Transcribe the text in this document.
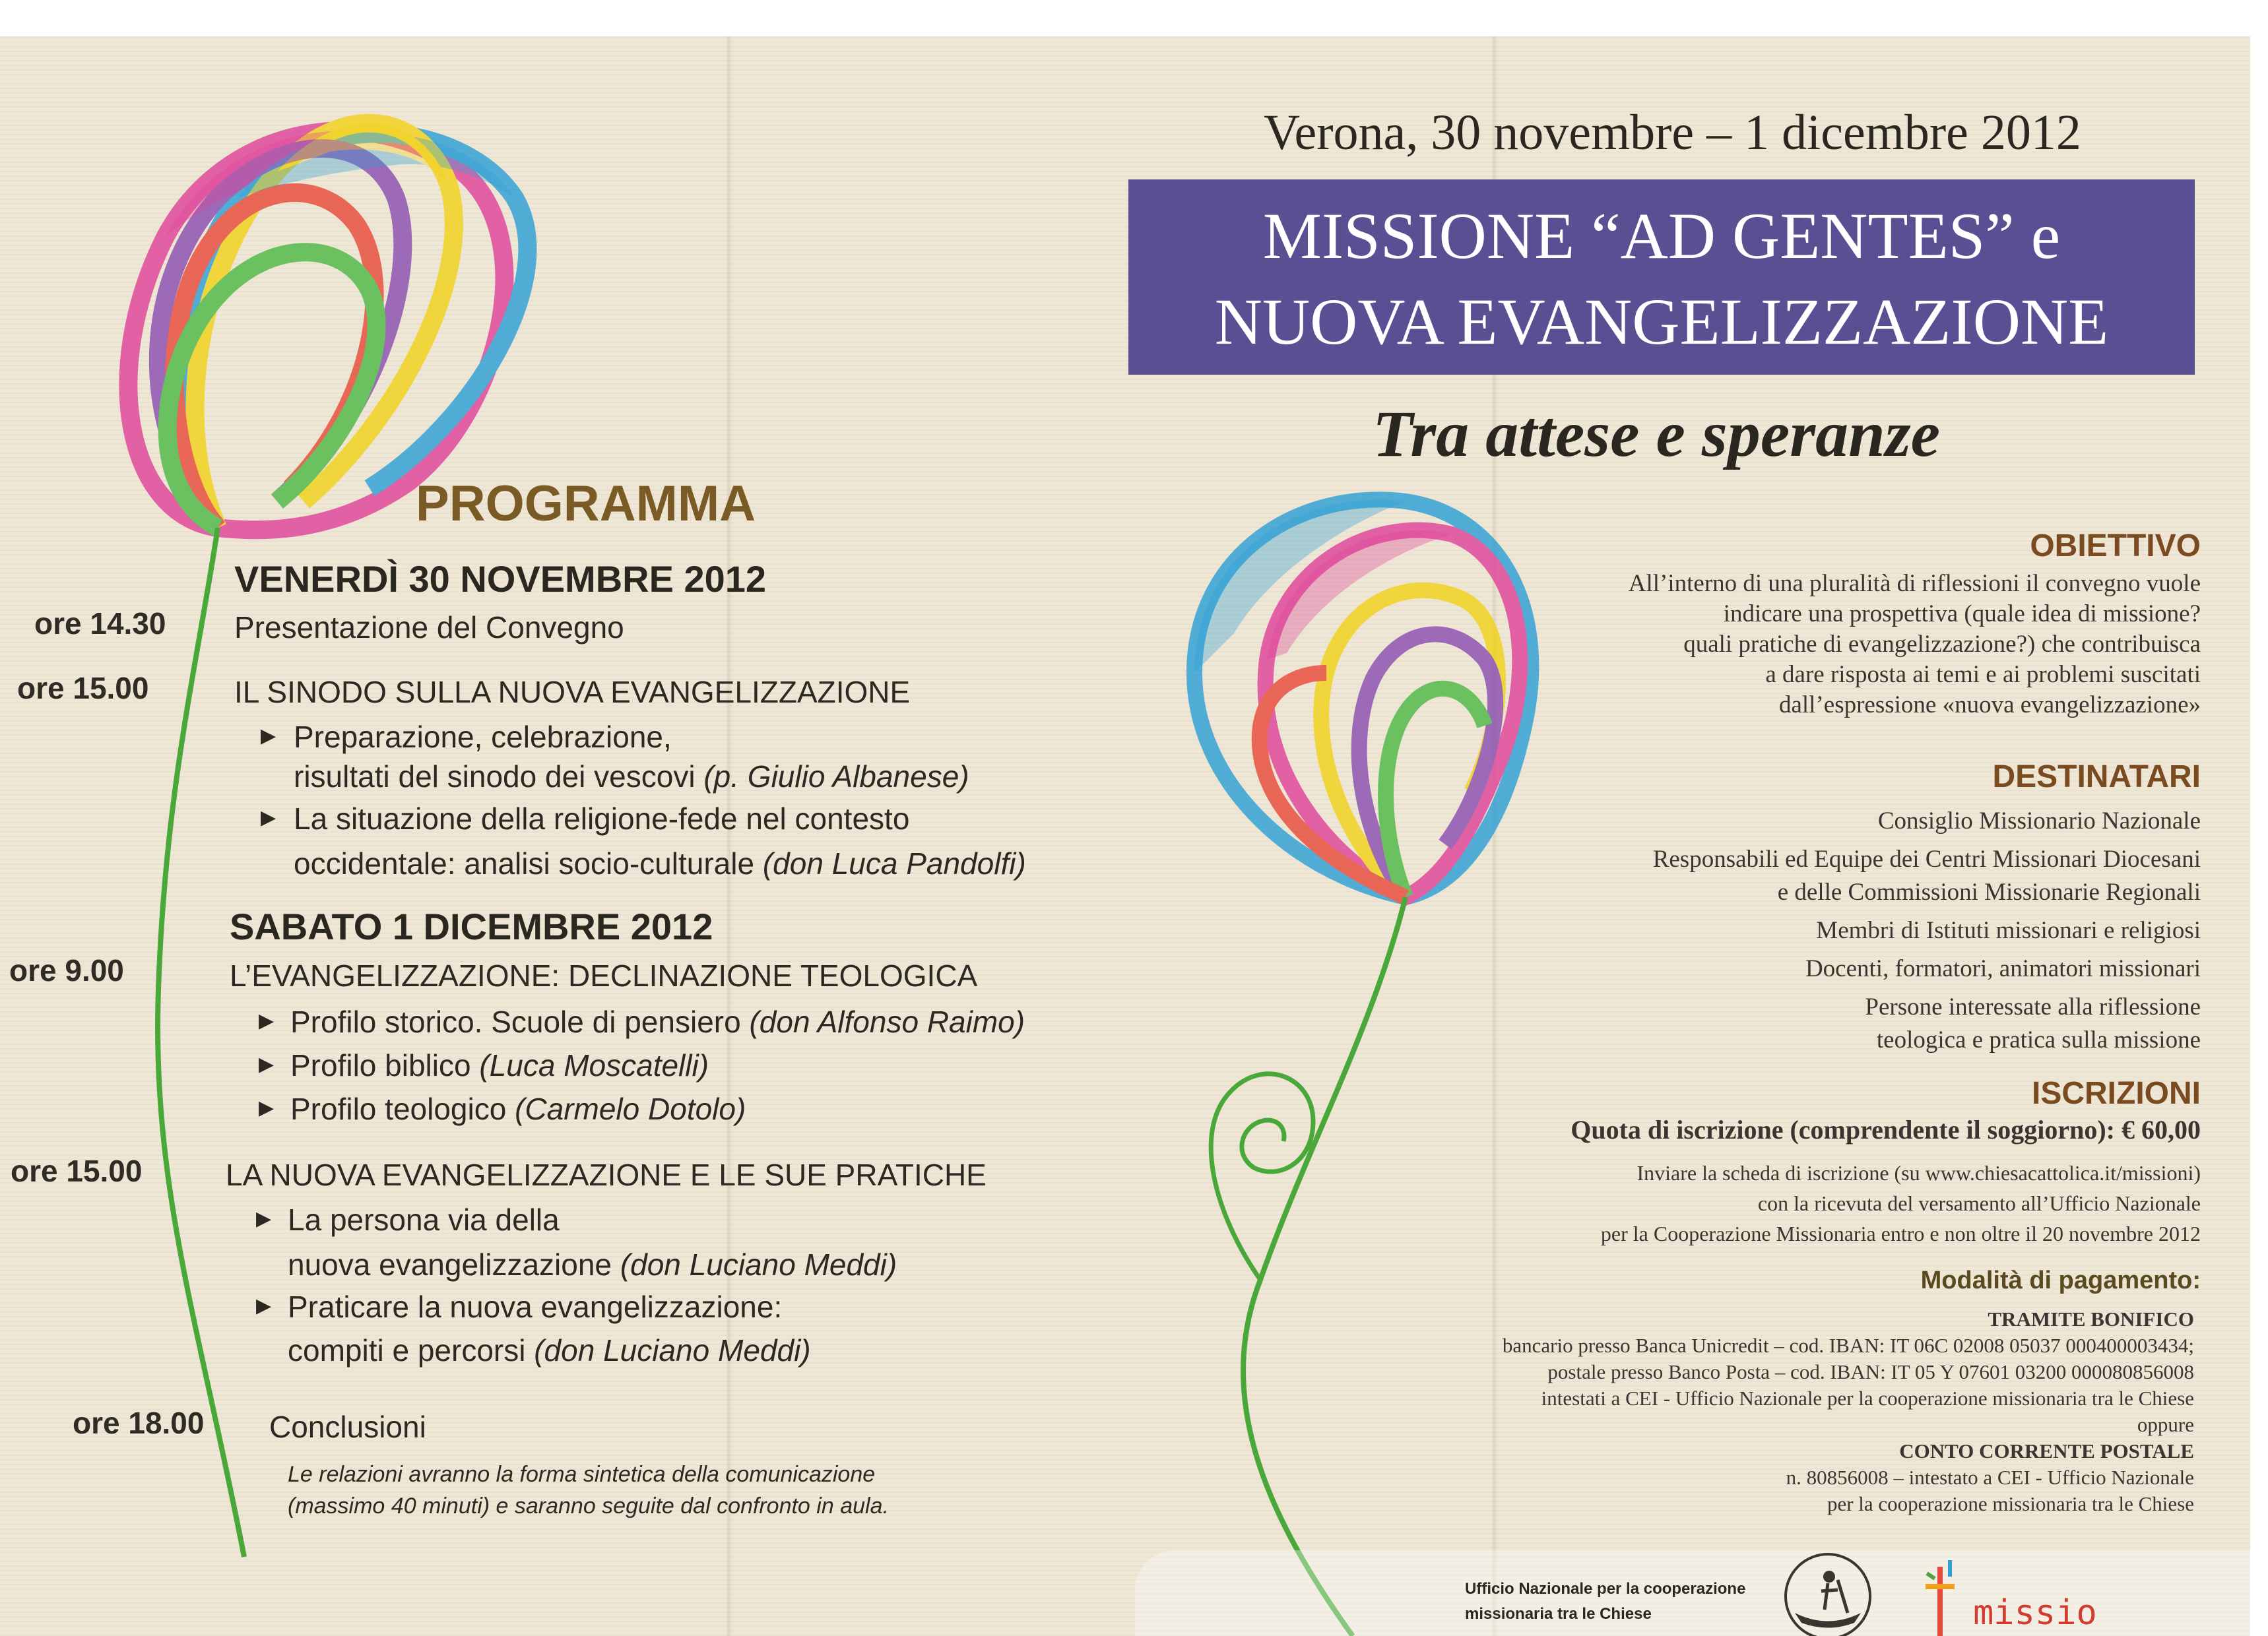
Verona, 30 novembre – 1 dicembre 2012
MISSIONE “AD GENTES” e
NUOVA EVANGELIZZAZIONE
Tra attese e speranze
PROGRAMMA
VENERDÌ 30 NOVEMBRE 2012
ore 14.30 Presentazione del Convegno
ore 15.00	IL SINODO SULLA NUOVA EVANGELIZZAZIONE
▶ Preparazione, celebrazione,
risultati del sinodo dei vescovi (p. Giulio Albanese)
▶ La situazione della religione-fede nel contesto
occidentale: analisi socio-culturale (don Luca Pandolfi)
SABATO 1 DICEMBRE 2012
ore 9.00	L’EVANGELIZZAZIONE: DECLINAZIONE TEOLOGICA
▶ Profilo storico. Scuole di pensiero (don Alfonso Raimo)
▶ Profilo biblico (Luca Moscatelli)
▶ Profilo teologico (Carmelo Dotolo)
ore 15.00	LA NUOVA EVANGELIZZAZIONE E LE SUE PRATICHE
▶ La persona via della
nuova evangelizzazione (don Luciano Meddi)
▶ Praticare la nuova evangelizzazione:
compiti e percorsi (don Luciano Meddi)
ore 18.00 Conclusioni
Le relazioni avranno la forma sintetica della comunicazione
(massimo 40 minuti) e saranno seguite dal confronto in aula.
OBIETTIVO
All’interno di una pluralità di riflessioni il convegno vuole
indicare una prospettiva (quale idea di missione?
quali pratiche di evangelizzazione?) che contribuisca
a dare risposta ai temi e ai problemi suscitati
dall’espressione «nuova evangelizzazione»
DESTINATARI
Consiglio Missionario Nazionale
Responsabili ed Equipe dei Centri Missionari Diocesani
e delle Commissioni Missionarie Regionali
Membri di Istituti missionari e religiosi
Docenti, formatori, animatori missionari
Persone interessate alla riflessione
teologica e pratica sulla missione
ISCRIZIONI
Quota di iscrizione (comprendente il soggiorno): € 60,00
Inviare la scheda di iscrizione (su www.chiesacattolica.it/missioni)
con la ricevuta del versamento all’Ufficio Nazionale
per la Cooperazione Missionaria entro e non oltre il 20 novembre 2012
Modalità di pagamento:
TRAMITE BONIFICO
bancario presso Banca Unicredit – cod. IBAN: IT 06C 02008 05037 000400003434;
postale presso Banco Posta – cod. IBAN: IT 05 Y 07601 03200 000080856008
intestati a CEI - Ufficio Nazionale per la cooperazione missionaria tra le Chiese
oppure
CONTO CORRENTE POSTALE
n. 80856008 – intestato a CEI - Ufficio Nazionale
per la cooperazione missionaria tra le Chiese
Ufficio Nazionale per la cooperazione
missionaria tra le Chiese	missio
